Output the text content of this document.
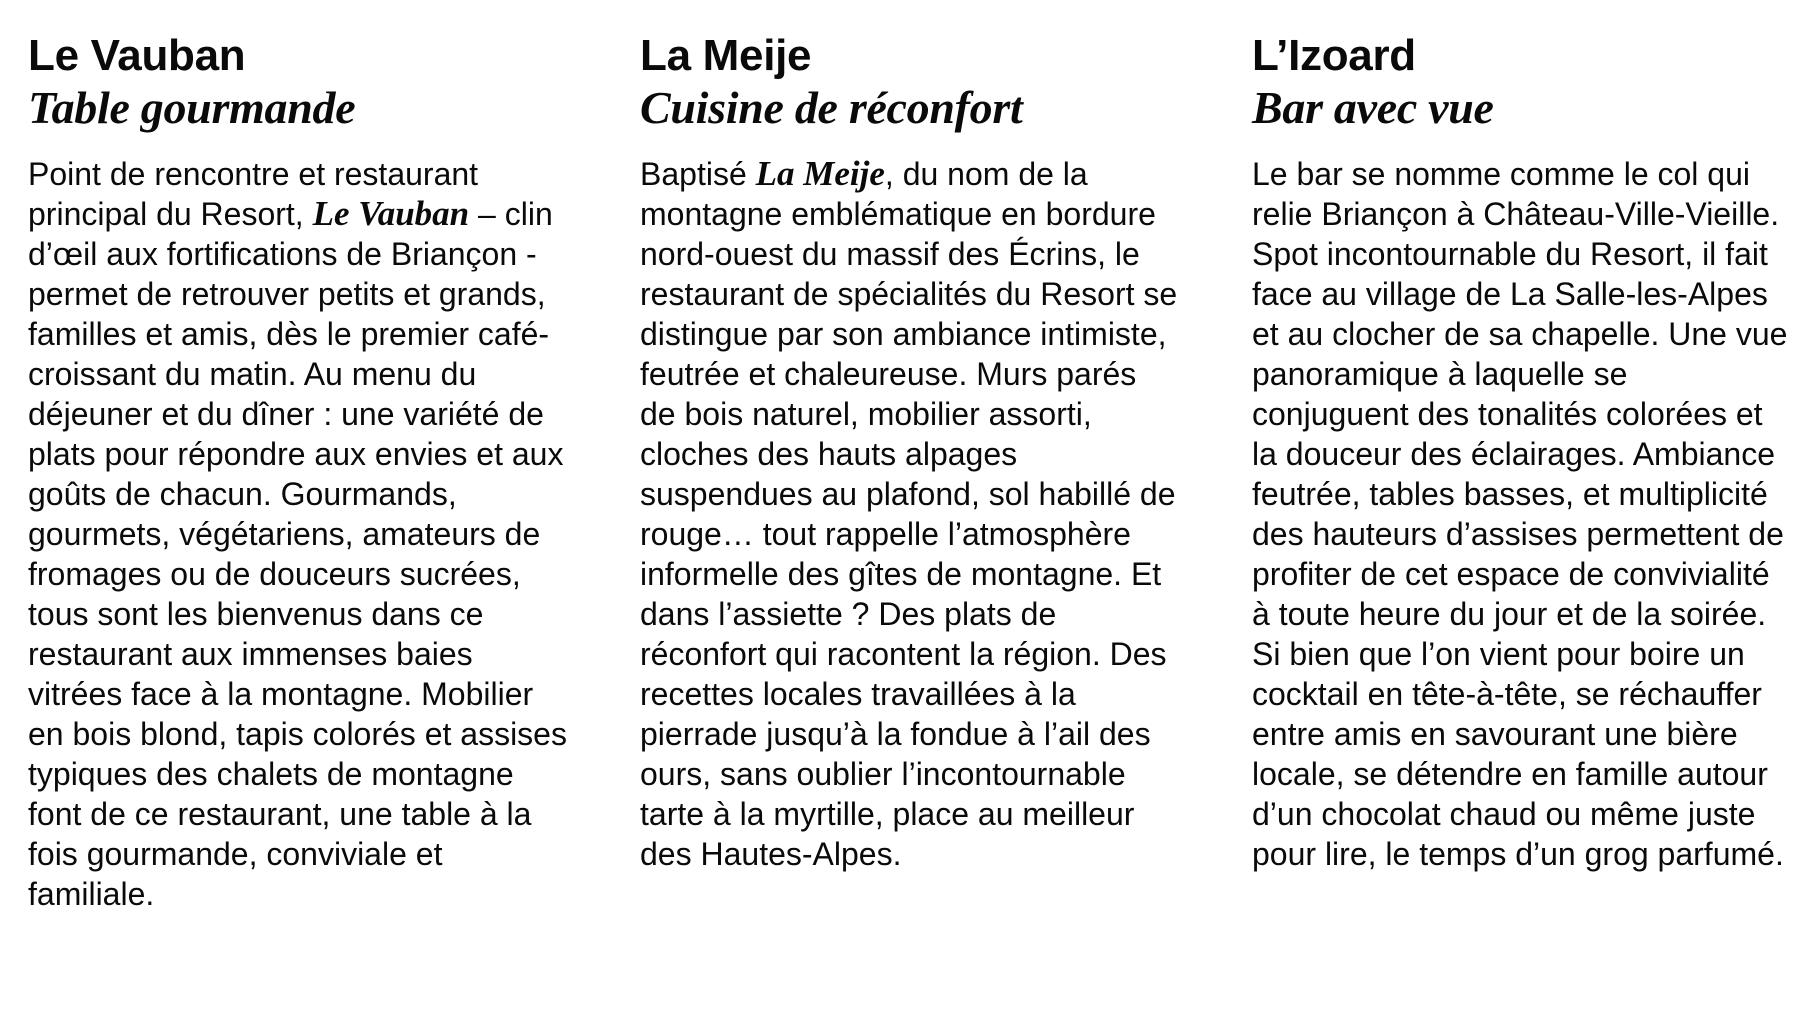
Le Vauban
Table gourmande

Point de rencontre et restaurant principal du Resort, Le Vauban – clin d’œil aux fortifications de Briançon - permet de retrouver petits et grands, familles et amis, dès le premier café-croissant du matin. Au menu du déjeuner et du dîner : une variété de plats pour répondre aux envies et aux goûts de chacun. Gourmands, gourmets, végétariens, amateurs de fromages ou de douceurs sucrées, tous sont les bienvenus dans ce restaurant aux immenses baies vitrées face à la montagne. Mobilier en bois blond, tapis colorés et assises typiques des chalets de montagne font de ce restaurant, une table à la fois gourmande, conviviale et familiale.

La Meije
Cuisine de réconfort

Baptisé La Meije, du nom de la montagne emblématique en bordure nord-ouest du massif des Écrins, le restaurant de spécialités du Resort se distingue par son ambiance intimiste, feutrée et chaleureuse. Murs parés de bois naturel, mobilier assorti, cloches des hauts alpages suspendues au plafond, sol habillé de rouge… tout rappelle l’atmosphère informelle des gîtes de montagne. Et dans l’assiette ? Des plats de réconfort qui racontent la région. Des recettes locales travaillées à la pierrade jusqu’à la fondue à l’ail des ours, sans oublier l’incontournable tarte à la myrtille, place au meilleur des Hautes-Alpes.

L’Izoard
Bar avec vue

Le bar se nomme comme le col qui relie Briançon à Château-Ville-Vieille. Spot incontournable du Resort, il fait face au village de La Salle-les-Alpes et au clocher de sa chapelle. Une vue panoramique à laquelle se conjuguent des tonalités colorées et la douceur des éclairages. Ambiance feutrée, tables basses, et multiplicité des hauteurs d’assises permettent de profiter de cet espace de convivialité à toute heure du jour et de la soirée. Si bien que l’on vient pour boire un cocktail en tête-à-tête, se réchauffer entre amis en savourant une bière locale, se détendre en famille autour d’un chocolat chaud ou même juste pour lire, le temps d’un grog parfumé.
